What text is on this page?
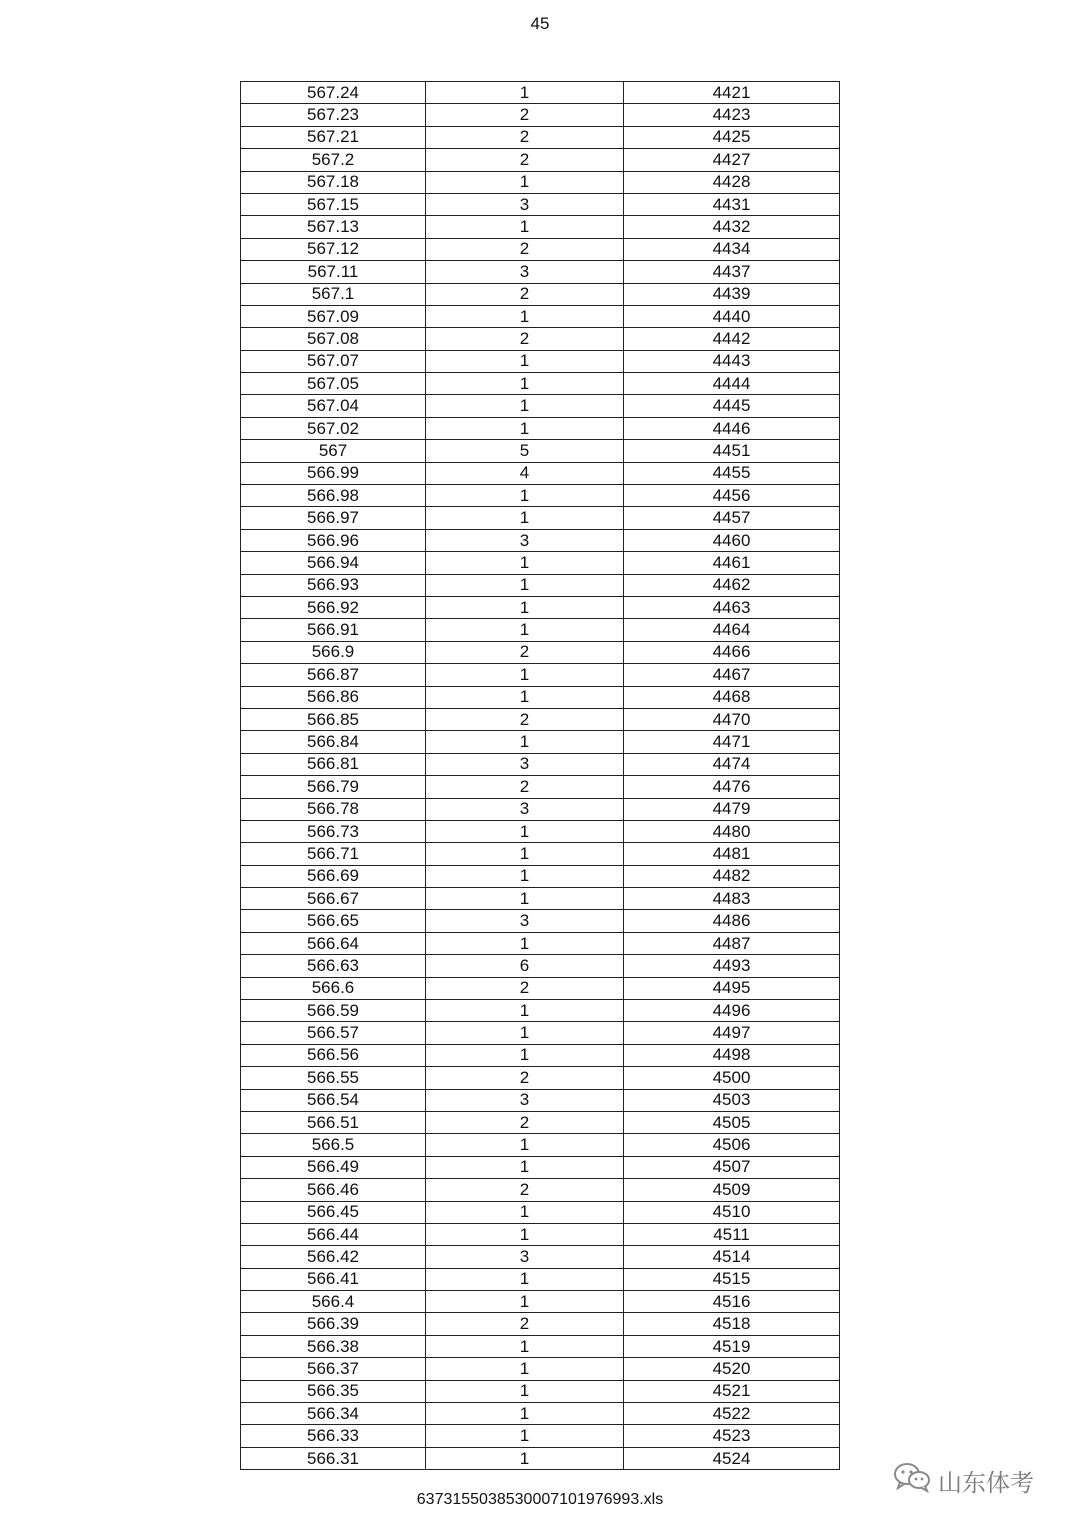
45
567.24	1	4421
567.23	2	4423
567.21	2	4425
567.2	2	4427
567.18	1	4428
567.15	3	4431
567.13	1	4432
567.12	2	4434
567.11	3	4437
567.1	2	4439
567.09	1	4440
567.08	2	4442
567.07	1	4443
567.05	1	4444
567.04	1	4445
567.02	1	4446
567	5	4451
566.99	4	4455
566.98	1	4456
566.97	1	4457
566.96	3	4460
566.94	1	4461
566.93	1	4462
566.92	1	4463
566.91	1	4464
566.9	2	4466
566.87	1	4467
566.86	1	4468
566.85	2	4470
566.84	1	4471
566.81	3	4474
566.79	2	4476
566.78	3	4479
566.73	1	4480
566.71	1	4481
566.69	1	4482
566.67	1	4483
566.65	3	4486
566.64	1	4487
566.63	6	4493
566.6	2	4495
566.59	1	4496
566.57	1	4497
566.56	1	4498
566.55	2	4500
566.54	3	4503
566.51	2	4505
566.5	1	4506
566.49	1	4507
566.46	2	4509
566.45	1	4510
566.44	1	4511
566.42	3	4514
566.41	1	4515
566.4	1	4516
566.39	2	4518
566.38	1	4519
566.37	1	4520
566.35	1	4521
566.34	1	4522
566.33	1	4523
566.31	1	4524
6373155038530007101976993.xls
山东体考
